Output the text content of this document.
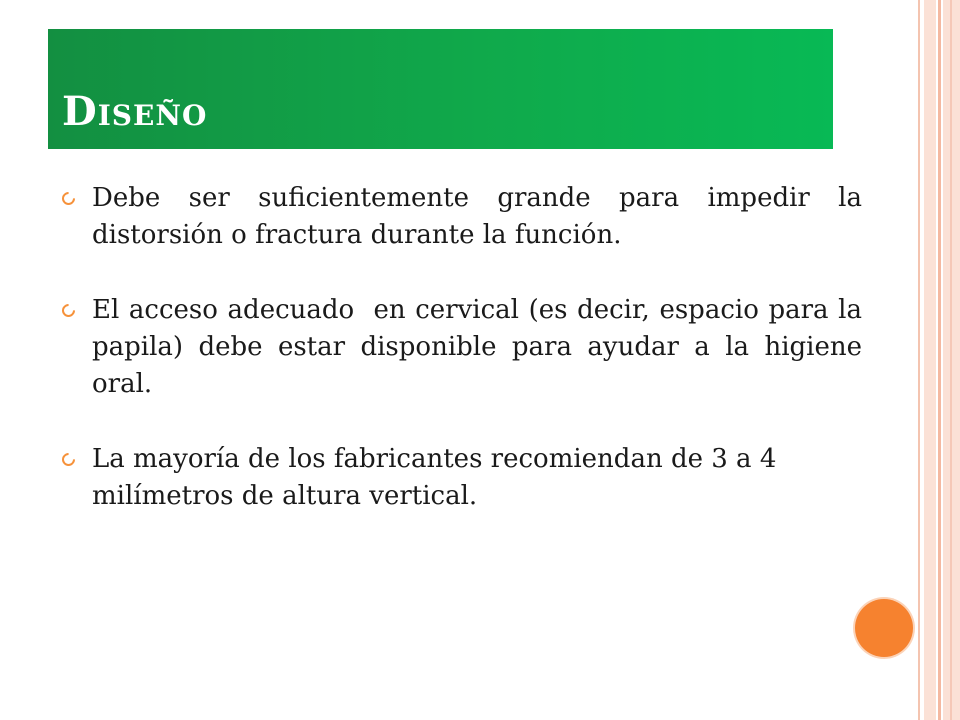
Diseño
Debe ser suficientemente grande para impedir la distorsión o fractura durante la función.
El acceso adecuado  en cervical (es decir, espacio para la papila) debe estar disponible para ayudar a la higiene oral.
La mayoría de los fabricantes recomiendan de 3 a 4 milímetros de altura vertical.
